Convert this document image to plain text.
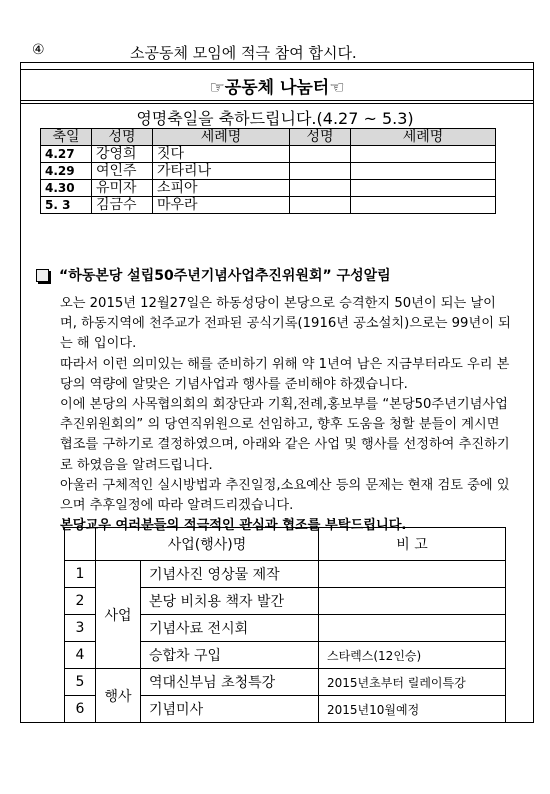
④	소공동체 모임에 적극 참여 합시다.
☞공동체 나눔터☜
영명축일을 축하드립니다.(4.27 ~ 5.3)
축일	성명	세례명	성명	세례명
4.27	강영희	짓다		
4.29	여인주	가타리나		
4.30	유미자	소피아		
5. 3	김금수	마우라		
“하동본당 설립50주년기념사업추진위원회” 구성알림

오는 2015년 12월27일은 하동성당이 본당으로 승격한지 50년이 되는 날이며, 하동지역에 천주교가 전파된 공식기록(1916년 공소설치)으로는 99년이 되는 해 입이다.

따라서 이런 의미있는 해를 준비하기 위해 약 1년여 남은 지금부터라도 우리 본당의 역량에 알맞은 기념사업과 행사를 준비해야 하겠습니다.

이에 본당의 사목협의회의 회장단과 기획,전례,홍보부를 “본당50주년기념사업 추진위원회의” 의 당연직위원으로 선임하고, 향후 도움을 청할 분들이 계시면 협조를 구하기로 결정하였으며, 아래와 같은 사업 및 행사를 선정하여 추진하기로 하였음을 알려드립니다.

아울러 구체적인 실시방법과 추진일정,소요예산 등의 문제는 현재 검토 중에 있으며 추후일정에 따라 알려드리겠습니다.

본당교우 여러분들의 적극적인 관심과 협조를 부탁드립니다.

	사업(행사)명		비 고
1	사업	기념사진 영상물 제작	
2		본당 비치용 책자 발간	
3		기념사료 전시회	
4		승합차 구입	스타렉스(12인승)
5	행사	역대신부님 초청특강	2015년초부터 릴레이특강
6		기념미사	2015년10월예정
